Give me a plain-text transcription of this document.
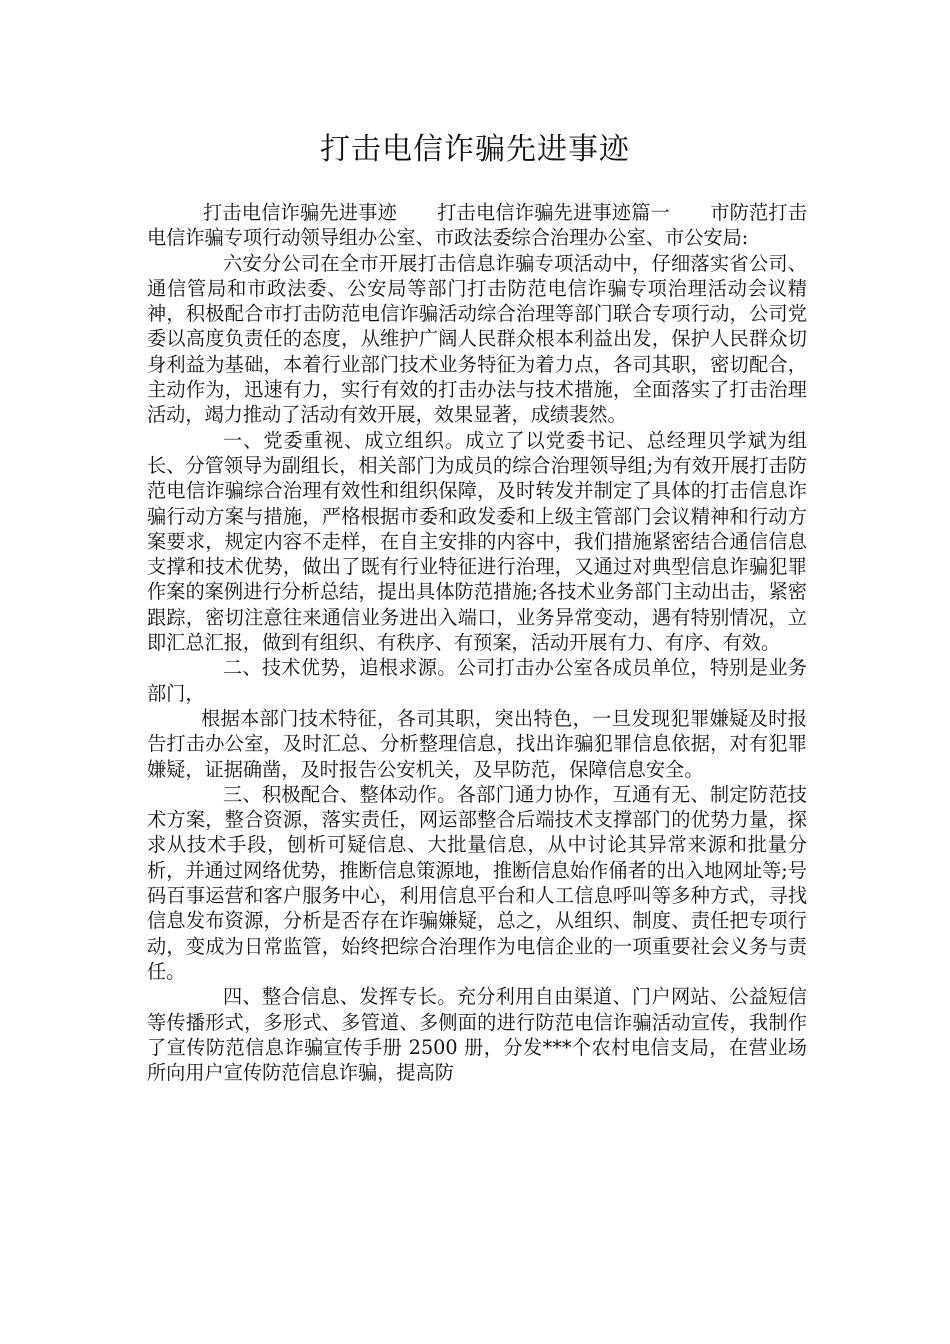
打击电信诈骗先进事迹

打击电信诈骗先进事迹 打击电信诈骗先进事迹篇一 市防范打击电信诈骗专项行动领导组办公室、市政法委综合治理办公室、市公安局:

六安分公司在全市开展打击信息诈骗专项活动中，仔细落实省公司、通信管局和市政法委、公安局等部门打击防范电信诈骗专项治理活动会议精神，积极配合市打击防范电信诈骗活动综合治理等部门联合专项行动，公司党委以高度负责任的态度，从维护广阔人民群众根本利益出发，保护人民群众切身利益为基础，本着行业部门技术业务特征为着力点，各司其职，密切配合，主动作为，迅速有力，实行有效的打击办法与技术措施，全面落实了打击治理活动，竭力推动了活动有效开展，效果显著，成绩裴然。

一、党委重视、成立组织。成立了以党委书记、总经理贝学斌为组长、分管领导为副组长，相关部门为成员的综合治理领导组;为有效开展打击防范电信诈骗综合治理有效性和组织保障，及时转发并制定了具体的打击信息诈骗行动方案与措施，严格根据市委和政发委和上级主管部门会议精神和行动方案要求，规定内容不走样，在自主安排的内容中，我们措施紧密结合通信信息支撑和技术优势，做出了既有行业特征进行治理，又通过对典型信息诈骗犯罪作案的案例进行分析总结，提出具体防范措施;各技术业务部门主动出击，紧密跟踪，密切注意往来通信业务进出入端口，业务异常变动，遇有特别情况，立即汇总汇报，做到有组织、有秩序、有预案，活动开展有力、有序、有效。

二、技术优势，追根求源。公司打击办公室各成员单位，特别是业务部门，

根据本部门技术特征，各司其职，突出特色，一旦发现犯罪嫌疑及时报告打击办公室，及时汇总、分析整理信息，找出诈骗犯罪信息依据，对有犯罪嫌疑，证据确凿，及时报告公安机关，及早防范，保障信息安全。

三、积极配合、整体动作。各部门通力协作，互通有无、制定防范技术方案，整合资源，落实责任，网运部整合后端技术支撑部门的优势力量，探求从技术手段，刨析可疑信息、大批量信息，从中讨论其异常来源和批量分析，并通过网络优势，推断信息策源地，推断信息始作俑者的出入地网址等;号码百事运营和客户服务中心，利用信息平台和人工信息呼叫等多种方式，寻找信息发布资源，分析是否存在诈骗嫌疑，总之，从组织、制度、责任把专项行动，变成为日常监管，始终把综合治理作为电信企业的一项重要社会义务与责任。

四、整合信息、发挥专长。充分利用自由渠道、门户网站、公益短信等传播形式，多形式、多管道、多侧面的进行防范电信诈骗活动宣传，我制作了宣传防范信息诈骗宣传手册 2500 册，分发***个农村电信支局，在营业场所向用户宣传防范信息诈骗，提高防
